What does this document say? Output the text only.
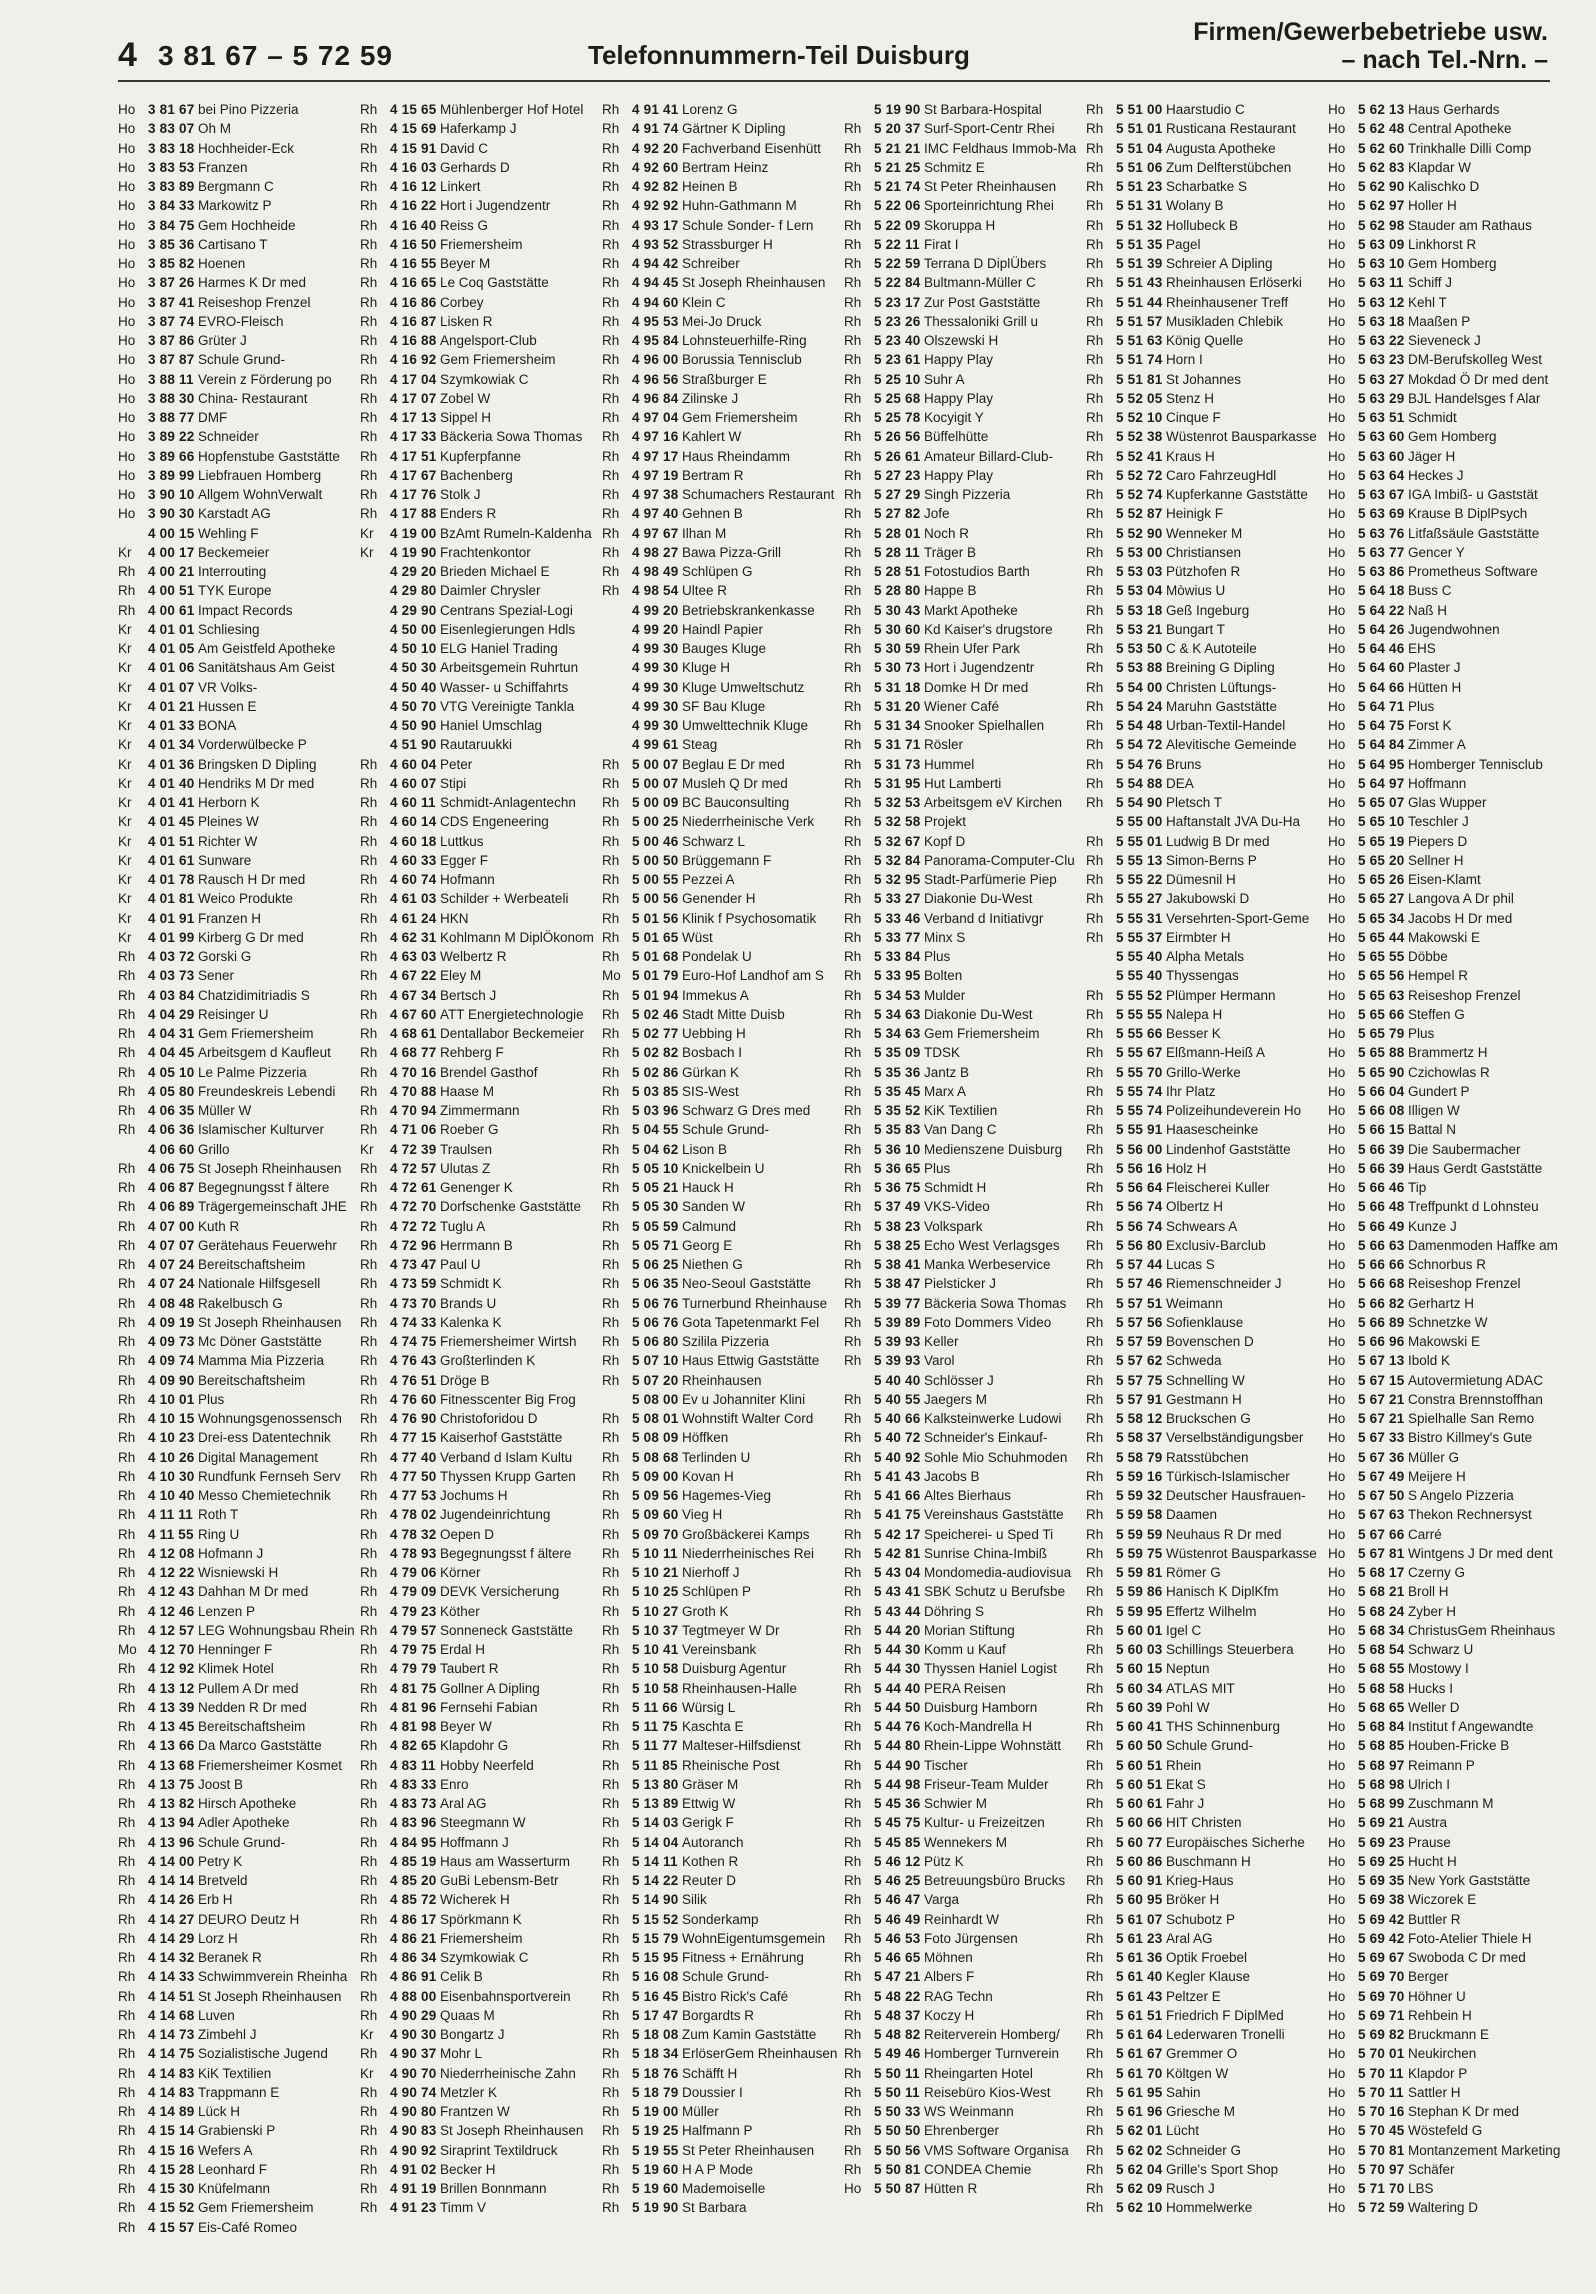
4 3 81 67 – 5 72 59	Telefonnummern-Teil Duisburg
Firmen/Gewerbebetriebe usw.
– nach Tel.-Nrn. –
Ho 3 81 67 bei Pino Pizzeria
Ho 3 83 07 Oh M
Ho 3 83 18 Hochheider-Eck
Ho 3 83 53 Franzen
Ho 3 83 89 Bergmann C
Ho 3 84 33 Markowitz P
Ho 3 84 75 Gem Hochheide
Ho 3 85 36 Cartisano T
Ho 3 85 82 Hoenen
Ho 3 87 26 Harmes K Dr med
Ho 3 87 41 Reiseshop Frenzel
Ho 3 87 74 EVRO-Fleisch
Ho 3 87 86 Grüter J
Ho 3 87 87 Schule Grund-
Ho 3 88 11 Verein z Förderung po
Ho 3 88 30 China- Restaurant
Ho 3 88 77 DMF
Ho 3 89 22 Schneider
Ho 3 89 66 Hopfenstube Gaststätte
Ho 3 89 99 Liebfrauen Homberg
Ho 3 90 10 Allgem WohnVerwalt
Ho 3 90 30 Karstadt AG
4 00 15 Wehling F
Kr	4 00 17 Beckemeier
Rh 4 00 21 Interrouting
Rh 4 00 51 TYK Europe
Rh 4 00 61 Impact Records
Kr	4 01 01 Schliesing
Kr	4 01 05 Am Geistfeld Apotheke
Kr	4 01 06 Sanitätshaus Am Geist
Kr	4 01 07 VR Volks-
Kr	4 01 21 Hussen E
Kr	4 01 33 BONA
Kr	4 01 34 Vorderwülbecke P
Kr	4 01 36 Bringsken D Dipling
Kr	4 01 40 Hendriks M Dr med
Kr	4 01 41 Herborn K
Kr	4 01 45 Pleines W
Kr	4 01 51 Richter W
Kr	4 01 61 Sunware
Kr	4 01 78 Rausch H Dr med
Kr	4 01 81 Weico Produkte
Kr	4 01 91 Franzen H
Kr	4 01 99 Kirberg G Dr med
Rh 4 03 72 Gorski G
Rh 4 03 73 Sener
Rh 4 03 84 Chatzidimitriadis S
Rh 4 04 29 Reisinger U
Rh 4 04 31 Gem Friemersheim
Rh 4 04 45 Arbeitsgem d Kaufleut
Rh 4 05 10 Le Palme Pizzeria
Rh 4 05 80 Freundeskreis Lebendi
Rh 4 06 35 Müller W
Rh 4 06 36 Islamischer Kulturver
4 06 60 Grillo
Rh 4 06 75 St Joseph Rheinhausen
Rh 4 06 87 Begegnungsst f ältere
Rh 4 06 89 Trägergemeinschaft JHE
Rh 4 07 00 Kuth R
Rh 4 07 07 Gerätehaus Feuerwehr
Rh 4 07 24 Bereitschaftsheim
Rh 4 07 24 Nationale Hilfsgesell
Rh 4 08 48 Rakelbusch G
Rh 4 09 19 St Joseph Rheinhausen
Rh 4 09 73 Mc Döner Gaststätte
Rh 4 09 74 Mamma Mia Pizzeria
Rh 4 09 90 Bereitschaftsheim
Rh 4 10 01 Plus
Rh 4 10 15 Wohnungsgenossensch
Rh 4 10 23 Drei-ess Datentechnik
Rh 4 10 26 Digital Management
Rh 4 10 30 Rundfunk Fernseh Serv
Rh 4 10 40 Messo Chemietechnik
Rh 4 11 11 Roth T
Rh 4 11 55 Ring U
Rh 4 12 08 Hofmann J
Rh 4 12 22 Wisniewski H
Rh 4 12 43 Dahhan M Dr med
Rh 4 12 46 Lenzen P
Rh 4 12 57 LEG Wohnungsbau Rhein
Mo 4 12 70 Henninger F
Rh 4 12 92 Klimek Hotel
Rh 4 13 12 Pullem A Dr med
Rh 4 13 39 Nedden R Dr med
Rh 4 13 45 Bereitschaftsheim
Rh 4 13 66 Da Marco Gaststätte
Rh 4 13 68 Friemersheimer Kosmet
Rh 4 13 75 Joost B
Rh 4 13 82 Hirsch Apotheke
Rh 4 13 94 Adler Apotheke
Rh 4 13 96 Schule Grund-
Rh 4 14 00 Petry K
Rh 4 14 14 Bretveld
Rh 4 14 26 Erb H
Rh 4 14 27 DEURO Deutz H
Rh 4 14 29 Lorz H
Rh 4 14 32 Beranek R
Rh 4 14 33 Schwimmverein Rheinha
Rh 4 14 51 St Joseph Rheinhausen
Rh 4 14 68 Luven
Rh 4 14 73 Zimbehl J
Rh 4 14 75 Sozialistische Jugend
Rh 4 14 83 KiK Textilien
Rh 4 14 83 Trappmann E
Rh 4 14 89 Lück H
Rh 4 15 14 Grabienski P
Rh 4 15 16 Wefers A
Rh 4 15 28 Leonhard F
Rh 4 15 30 Knüfelmann
Rh 4 15 52 Gem Friemersheim
Rh 4 15 57 Eis-Café Romeo
Rh 4 15 65 Mühlenberger Hof Hotel
Rh 4 15 69 Haferkamp J
Rh 4 15 91 David C
Rh 4 16 03 Gerhards D
Rh 4 16 12 Linkert
Rh 4 16 22 Hort i Jugendzentr
Rh 4 16 40 Reiss G
Rh 4 16 50 Friemersheim
Rh 4 16 55 Beyer M
Rh 4 16 65 Le Coq Gaststätte
Rh 4 16 86 Corbey
Rh 4 16 87 Lisken R
Rh 4 16 88 Angelsport-Club
Rh 4 16 92 Gem Friemersheim
Rh 4 17 04 Szymkowiak C
Rh 4 17 07 Zobel W
Rh 4 17 13 Sippel H
Rh 4 17 33 Bäckeria Sowa Thomas
Rh 4 17 51 Kupferpfanne
Rh 4 17 67 Bachenberg
Rh 4 17 76 Stolk J
Rh 4 17 88 Enders R
Kr	4 19 00 BzAmt Rumeln-Kaldenha
Kr	4 19 90 Frachtenkontor
4 29 20 Brieden Michael E
4 29 80 Daimler Chrysler
4 29 90 Centrans Spezial-Logi
4 50 00 Eisenlegierungen Hdls
4 50 10 ELG Haniel Trading
4 50 30 Arbeitsgemein Ruhrtun
4 50 40 Wasser- u Schiffahrts
4 50 70 VTG Vereinigte Tankla
4 50 90 Haniel Umschlag
4 51 90 Rautaruukki
Rh 4 60 04 Peter
Rh 4 60 07 Stipi
Rh 4 60 11 Schmidt-Anlagentechn
Rh 4 60 14 CDS Engeneering
Rh 4 60 18 Luttkus
Rh 4 60 33 Egger F
Rh 4 60 74 Hofmann
Rh 4 61 03 Schilder + Werbeateli
Rh 4 61 24 HKN
Rh 4 62 31 Kohlmann M DiplÖkonom
Rh 4 63 03 Welbertz R
Rh 4 67 22 Eley M
Rh 4 67 34 Bertsch J
Rh 4 67 60 ATT Energietechnologie
Rh 4 68 61 Dentallabor Beckemeier
Rh 4 68 77 Rehberg F
Rh 4 70 16 Brendel Gasthof
Rh 4 70 88 Haase M
Rh 4 70 94 Zimmermann
Rh 4 71 06 Roeber G
Kr	4 72 39 Traulsen
Rh 4 72 57 Ulutas Z
Rh 4 72 61 Genenger K
Rh 4 72 70 Dorfschenke Gaststätte
Rh 4 72 72 Tuglu A
Rh 4 72 96 Herrmann B
Rh 4 73 47 Paul U
Rh 4 73 59 Schmidt K
Rh 4 73 70 Brands U
Rh 4 74 33 Kalenka K
Rh 4 74 75 Friemersheimer Wirtsh
Rh 4 76 43 Großterlinden K
Rh 4 76 51 Dröge B
Rh 4 76 60 Fitnesscenter Big Frog
Rh 4 76 90 Christoforidou D
Rh 4 77 15 Kaiserhof Gaststätte
Rh 4 77 40 Verband d Islam Kultu
Rh 4 77 50 Thyssen Krupp Garten
Rh 4 77 53 Jochums H
Rh 4 78 02 Jugendeinrichtung
Rh 4 78 32 Oepen D
Rh 4 78 93 Begegnungsst f ältere
Rh 4 79 06 Körner
Rh 4 79 09 DEVK Versicherung
Rh 4 79 23 Köther
Rh 4 79 57 Sonneneck Gaststätte
Rh 4 79 75 Erdal H
Rh 4 79 79 Taubert R
Rh 4 81 75 Gollner A Dipling
Rh 4 81 96 Fernsehi Fabian
Rh 4 81 98 Beyer W
Rh 4 82 65 Klapdohr G
Rh 4 83 11 Hobby Neerfeld
Rh 4 83 33 Enro
Rh 4 83 73 Aral AG
Rh 4 83 96 Steegmann W
Rh 4 84 95 Hoffmann J
Rh 4 85 19 Haus am Wasserturm
Rh 4 85 20 GuBi Lebensm-Betr
Rh 4 85 72 Wicherek H
Rh 4 86 17 Spörkmann K
Rh 4 86 21 Friemersheim
Rh 4 86 34 Szymkowiak C
Rh 4 86 91 Celik B
Rh 4 88 00 Eisenbahnsportverein
Rh 4 90 29 Quaas M
Kr	4 90 30 Bongartz J
Rh 4 90 37 Mohr L
Kr	4 90 70 Niederrheinische Zahn
Rh 4 90 74 Metzler K
Rh 4 90 80 Frantzen W
Rh 4 90 83 St Joseph Rheinhausen
Rh 4 90 92 Siraprint Textildruck
Rh 4 91 02 Becker H
Rh 4 91 19 Brillen Bonnmann
Rh 4 91 23 Timm V
Rh 4 91 41 Lorenz G
Rh 4 91 74 Gärtner K Dipling
Rh 4 92 20 Fachverband Eisenhütt
Rh 4 92 60 Bertram Heinz
Rh 4 92 82 Heinen B
Rh 4 92 92 Huhn-Gathmann M
Rh 4 93 17 Schule Sonder- f Lern
Rh 4 93 52 Strassburger H
Rh 4 94 42 Schreiber
Rh 4 94 45 St Joseph Rheinhausen
Rh 4 94 60 Klein C
Rh 4 95 53 Mei-Jo Druck
Rh 4 95 84 Lohnsteuerhilfe-Ring
Rh 4 96 00 Borussia Tennisclub
Rh 4 96 56 Straßburger E
Rh 4 96 84 Zilinske J
Rh 4 97 04 Gem Friemersheim
Rh 4 97 16 Kahlert W
Rh 4 97 17 Haus Rheindamm
Rh 4 97 19 Bertram R
Rh 4 97 38 Schumachers Restaurant
Rh 4 97 40 Gehnen B
Rh 4 97 67 Ilhan M
Rh 4 98 27 Bawa Pizza-Grill
Rh 4 98 49 Schlüpen G
Rh 4 98 54 Ultee R
4 99 20 Betriebskrankenkasse
4 99 20 Haindl Papier
4 99 30 Bauges Kluge
4 99 30 Kluge H
4 99 30 Kluge Umweltschutz
4 99 30 SF Bau Kluge
4 99 30 Umwelttechnik Kluge
4 99 61 Steag
Rh 5 00 07 Beglau E Dr med
Rh 5 00 07 Musleh Q Dr med
Rh 5 00 09 BC Bauconsulting
Rh 5 00 25 Niederrheinische Verk
Rh 5 00 46 Schwarz L
Rh 5 00 50 Brüggemann F
Rh 5 00 55 Pezzei A
Rh 5 00 56 Genender H
Rh 5 01 56 Klinik f Psychosomatik
Rh 5 01 65 Wüst
Rh 5 01 68 Pondelak U
Mo 5 01 79 Euro-Hof Landhof am S
Rh 5 01 94 Immekus A
Rh 5 02 46 Stadt Mitte Duisb
Rh 5 02 77 Uebbing H
Rh 5 02 82 Bosbach I
Rh 5 02 86 Gürkan K
Rh 5 03 85 SIS-West
Rh 5 03 96 Schwarz G Dres med
Rh 5 04 55 Schule Grund-
Rh 5 04 62 Lison B
Rh 5 05 10 Knickelbein U
Rh 5 05 21 Hauck H
Rh 5 05 30 Sanden W
Rh 5 05 59 Calmund
Rh 5 05 71 Georg E
Rh 5 06 25 Niethen G
Rh 5 06 35 Neo-Seoul Gaststätte
Rh 5 06 76 Turnerbund Rheinhause
Rh 5 06 76 Gota Tapetenmarkt Fel
Rh 5 06 80 Szilila Pizzeria
Rh 5 07 10 Haus Ettwig Gaststätte
Rh 5 07 20 Rheinhausen
5 08 00 Ev u Johanniter Klini
Rh 5 08 01 Wohnstift Walter Cord
Rh 5 08 09 Höffken
Rh 5 08 68 Terlinden U
Rh 5 09 00 Kovan H
Rh 5 09 56 Hagemes-Vieg
Rh 5 09 60 Vieg H
Rh 5 09 70 Großbäckerei Kamps
Rh 5 10 11 Niederrheinisches Rei
Rh 5 10 21 Nierhoff J
Rh 5 10 25 Schlüpen P
Rh 5 10 27 Groth K
Rh 5 10 37 Tegtmeyer W Dr
Rh 5 10 41 Vereinsbank
Rh 5 10 58 Duisburg Agentur
Rh 5 10 58 Rheinhausen-Halle
Rh 5 11 66 Würsig L
Rh 5 11 75 Kaschta E
Rh 5 11 77 Malteser-Hilfsdienst
Rh 5 11 85 Rheinische Post
Rh 5 13 80 Gräser M
Rh 5 13 89 Ettwig W
Rh 5 14 03 Gerigk F
Rh 5 14 04 Autoranch
Rh 5 14 11 Kothen R
Rh 5 14 22 Reuter D
Rh 5 14 90 Silik
Rh 5 15 52 Sonderkamp
Rh 5 15 79 WohnEigentumsgemein
Rh 5 15 95 Fitness + Ernährung
Rh 5 16 08 Schule Grund-
Rh 5 16 45 Bistro Rick's Café
Rh 5 17 47 Borgardts R
Rh 5 18 08 Zum Kamin Gaststätte
Rh 5 18 34 ErlöserGem Rheinhausen
Rh 5 18 76 Schäfft H
Rh 5 18 79 Doussier I
Rh 5 19 00 Müller
Rh 5 19 25 Halfmann P
Rh 5 19 55 St Peter Rheinhausen
Rh 5 19 60 H A P Mode
Rh 5 19 60 Mademoiselle
Rh 5 19 90 St Barbara
5 19 90 St Barbara-Hospital
Rh 5 20 37 Surf-Sport-Centr Rhei
Rh 5 21 21 IMC Feldhaus Immob-Ma
Rh 5 21 25 Schmitz E
Rh 5 21 74 St Peter Rheinhausen
Rh 5 22 06 Sporteinrichtung Rhei
Rh 5 22 09 Skoruppa H
Rh 5 22 11 Firat I
Rh 5 22 59 Terrana D DiplÜbers
Rh 5 22 84 Bultmann-Müller C
Rh 5 23 17 Zur Post Gaststätte
Rh 5 23 26 Thessaloniki Grill u
Rh 5 23 40 Olszewski H
Rh 5 23 61 Happy Play
Rh 5 25 10 Suhr A
Rh 5 25 68 Happy Play
Rh 5 25 78 Kocyigit Y
Rh 5 26 56 Büffelhütte
Rh 5 26 61 Amateur Billard-Club-
Rh 5 27 23 Happy Play
Rh 5 27 29 Singh Pizzeria
Rh 5 27 82 Jofe
Rh 5 28 01 Noch R
Rh 5 28 11 Träger B
Rh 5 28 51 Fotostudios Barth
Rh 5 28 80 Happe B
Rh 5 30 43 Markt Apotheke
Rh 5 30 60 Kd Kaiser's drugstore
Rh 5 30 59 Rhein Ufer Park
Rh 5 30 73 Hort i Jugendzentr
Rh 5 31 18 Domke H Dr med
Rh 5 31 20 Wiener Café
Rh 5 31 34 Snooker Spielhallen
Rh 5 31 71 Rösler
Rh 5 31 73 Hummel
Rh 5 31 95 Hut Lamberti
Rh 5 32 53 Arbeitsgem eV Kirchen
Rh 5 32 58 Projekt
Rh 5 32 67 Kopf D
Rh 5 32 84 Panorama-Computer-Clu
Rh 5 32 95 Stadt-Parfümerie Piep
Rh 5 33 27 Diakonie Du-West
Rh 5 33 46 Verband d Initiativgr
Rh 5 33 77 Minx S
Rh 5 33 84 Plus
Rh 5 33 95 Bolten
Rh 5 34 53 Mulder
Rh 5 34 63 Diakonie Du-West
Rh 5 34 63 Gem Friemersheim
Rh 5 35 09 TDSK
Rh 5 35 36 Jantz B
Rh 5 35 45 Marx A
Rh 5 35 52 KiK Textilien
Rh 5 35 83 Van Dang C
Rh 5 36 10 Medienszene Duisburg
Rh 5 36 65 Plus
Rh 5 36 75 Schmidt H
Rh 5 37 49 VKS-Video
Rh 5 38 23 Volkspark
Rh 5 38 25 Echo West Verlagsges
Rh 5 38 41 Manka Werbeservice
Rh 5 38 47 Pielsticker J
Rh 5 39 77 Bäckeria Sowa Thomas
Rh 5 39 89 Foto Dommers Video
Rh 5 39 93 Keller
Rh 5 39 93 Varol
5 40 40 Schlösser J
Rh 5 40 55 Jaegers M
Rh 5 40 66 Kalksteinwerke Ludowi
Rh 5 40 72 Schneider's Einkauf-
Rh 5 40 92 Sohle Mio Schuhmoden
Rh 5 41 43 Jacobs B
Rh 5 41 66 Altes Bierhaus
Rh 5 41 75 Vereinshaus Gaststätte
Rh 5 42 17 Speicherei- u Sped Ti
Rh 5 42 81 Sunrise China-Imbiß
Rh 5 43 04 Mondomedia-audiovisua
Rh 5 43 41 SBK Schutz u Berufsbe
Rh 5 43 44 Döhring S
Rh 5 44 20 Morian Stiftung
Rh 5 44 30 Komm u Kauf
Rh 5 44 30 Thyssen Haniel Logist
Rh 5 44 40 PERA Reisen
Rh 5 44 50 Duisburg Hamborn
Rh 5 44 76 Koch-Mandrella H
Rh 5 44 80 Rhein-Lippe Wohnstätt
Rh 5 44 90 Tischer
Rh 5 44 98 Friseur-Team Mulder
Rh 5 45 36 Schwier M
Rh 5 45 75 Kultur- u Freizeitzen
Rh 5 45 85 Wennekers M
Rh 5 46 12 Pütz K
Rh 5 46 25 Betreuungsbüro Brucks
Rh 5 46 47 Varga
Rh 5 46 49 Reinhardt W
Rh 5 46 53 Foto Jürgensen
Rh 5 46 65 Möhnen
Rh 5 47 21 Albers F
Rh 5 48 22 RAG Techn
Rh 5 48 37 Koczy H
Rh 5 48 82 Reiterverein Homberg/
Rh 5 49 46 Homberger Turnverein
Rh 5 50 11 Rheingarten Hotel
Rh 5 50 11 Reisebüro Kios-West
Rh 5 50 33 WS Weinmann
Rh 5 50 50 Ehrenberger
Rh 5 50 56 VMS Software Organisa
Rh 5 50 81 CONDEA Chemie
Ho 5 50 87 Hütten R
Rh 5 51 00 Haarstudio C
Rh 5 51 01 Rusticana Restaurant
Rh 5 51 04 Augusta Apotheke
Rh 5 51 06 Zum Delfterstübchen
Rh 5 51 23 Scharbatke S
Rh 5 51 31 Wolany B
Rh 5 51 32 Hollubeck B
Rh 5 51 35 Pagel
Rh 5 51 39 Schreier A Dipling
Rh 5 51 43 Rheinhausen Erlöserki
Rh 5 51 44 Rheinhausener Treff
Rh 5 51 57 Musikladen Chlebik
Rh 5 51 63 König Quelle
Rh 5 51 74 Horn I
Rh 5 51 81 St Johannes
Rh 5 52 05 Stenz H
Rh 5 52 10 Cinque F
Rh 5 52 38 Wüstenrot Bausparkasse
Rh 5 52 41 Kraus H
Rh 5 52 72 Caro FahrzeugHdl
Rh 5 52 74 Kupferkanne Gaststätte
Rh 5 52 87 Heinigk F
Rh 5 52 90 Wenneker M
Rh 5 53 00 Christiansen
Rh 5 53 03 Pützhofen R
Rh 5 53 04 Mòwius U
Rh 5 53 18 Geß Ingeburg
Rh 5 53 21 Bungart T
Rh 5 53 50 C & K Autoteile
Rh 5 53 88 Breining G Dipling
Rh 5 54 00 Christen Lüftungs-
Rh 5 54 24 Maruhn Gaststätte
Rh 5 54 48 Urban-Textil-Handel
Rh 5 54 72 Alevitische Gemeinde
Rh 5 54 76 Bruns
Rh 5 54 88 DEA
Rh 5 54 90 Pletsch T
5 55 00 Haftanstalt JVA Du-Ha
Rh 5 55 01 Ludwig B Dr med
Rh 5 55 13 Simon-Berns P
Rh 5 55 22 Dümesnil H
Rh 5 55 27 Jakubowski D
Rh 5 55 31 Versehrten-Sport-Geme
Rh 5 55 37 Eirmbter H
5 55 40 Alpha Metals
5 55 40 Thyssengas
Rh 5 55 52 Plümper Hermann
Rh 5 55 55 Nalepa H
Rh 5 55 66 Besser K
Rh 5 55 67 Elßmann-Heiß A
Rh 5 55 70 Grillo-Werke
Rh 5 55 74 Ihr Platz
Rh 5 55 74 Polizeihundeverein Ho
Rh 5 55 91 Haasescheinke
Rh 5 56 00 Lindenhof Gaststätte
Rh 5 56 16 Holz H
Rh 5 56 64 Fleischerei Kuller
Rh 5 56 74 Olbertz H
Rh 5 56 74 Schwears A
Rh 5 56 80 Exclusiv-Barclub
Rh 5 57 44 Lucas S
Rh 5 57 46 Riemenschneider J
Rh 5 57 51 Weimann
Rh 5 57 56 Sofienklause
Rh 5 57 59 Bovenschen D
Rh 5 57 62 Schweda
Rh 5 57 75 Schnelling W
Rh 5 57 91 Gestmann H
Rh 5 58 12 Bruckschen G
Rh 5 58 37 Verselbständigungsber
Rh 5 58 79 Ratsstübchen
Rh 5 59 16 Türkisch-Islamischer
Rh 5 59 32 Deutscher Hausfrauen-
Rh 5 59 58 Daamen
Rh 5 59 59 Neuhaus R Dr med
Rh 5 59 75 Wüstenrot Bausparkasse
Rh 5 59 81 Römer G
Rh 5 59 86 Hanisch K DiplKfm
Rh 5 59 95 Effertz Wilhelm
Rh 5 60 01 Igel C
Rh 5 60 03 Schillings Steuerbera
Rh 5 60 15 Neptun
Rh 5 60 34 ATLAS MIT
Rh 5 60 39 Pohl W
Rh 5 60 41 THS Schinnenburg
Rh 5 60 50 Schule Grund-
Rh 5 60 51 Rhein
Rh 5 60 51 Ekat S
Rh 5 60 61 Fahr J
Rh 5 60 66 HIT Christen
Rh 5 60 77 Europäisches Sicherhe
Rh 5 60 86 Buschmann H
Rh 5 60 91 Krieg-Haus
Rh 5 60 95 Bröker H
Rh 5 61 07 Schubotz P
Rh 5 61 23 Aral AG
Rh 5 61 36 Optik Froebel
Rh 5 61 40 Kegler Klause
Rh 5 61 43 Peltzer E
Rh 5 61 51 Friedrich F DiplMed
Rh 5 61 64 Lederwaren Tronelli
Rh 5 61 67 Gremmer O
Rh 5 61 70 Költgen W
Rh 5 61 95 Sahin
Rh 5 61 96 Griesche M
Rh 5 62 01 Lücht
Rh 5 62 02 Schneider G
Rh 5 62 04 Grille's Sport Shop
Rh 5 62 09 Rusch J
Rh 5 62 10 Hommelwerke
Ho 5 62 13 Haus Gerhards
Ho 5 62 48 Central Apotheke
Ho 5 62 60 Trinkhalle Dilli Comp
Ho 5 62 83 Klapdar W
Ho 5 62 90 Kalischko D
Ho 5 62 97 Holler H
Ho 5 62 98 Stauder am Rathaus
Ho 5 63 09 Linkhorst R
Ho 5 63 10 Gem Homberg
Ho 5 63 11 Schiff J
Ho 5 63 12 Kehl T
Ho 5 63 18 Maaßen P
Ho 5 63 22 Sieveneck J
Ho 5 63 23 DM-Berufskolleg West
Ho 5 63 27 Mokdad Ö Dr med dent
Ho 5 63 29 BJL Handelsges f Alar
Ho 5 63 51 Schmidt
Ho 5 63 60 Gem Homberg
Ho 5 63 60 Jäger H
Ho 5 63 64 Heckes J
Ho 5 63 67 IGA Imbiß- u Gaststät
Ho 5 63 69 Krause B DiplPsych
Ho 5 63 76 Litfaßsäule Gaststätte
Ho 5 63 77 Gencer Y
Ho 5 63 86 Prometheus Software
Ho 5 64 18 Buss C
Ho 5 64 22 Naß H
Ho 5 64 26 Jugendwohnen
Ho 5 64 46 EHS
Ho 5 64 60 Plaster J
Ho 5 64 66 Hütten H
Ho 5 64 71 Plus
Ho 5 64 75 Forst K
Ho 5 64 84 Zimmer A
Ho 5 64 95 Homberger Tennisclub
Ho 5 64 97 Hoffmann
Ho 5 65 07 Glas Wupper
Ho 5 65 10 Teschler J
Ho 5 65 19 Piepers D
Ho 5 65 20 Sellner H
Ho 5 65 26 Eisen-Klamt
Ho 5 65 27 Langova A Dr phil
Ho 5 65 34 Jacobs H Dr med
Ho 5 65 44 Makowski E
Ho 5 65 55 Döbbe
Ho 5 65 56 Hempel R
Ho 5 65 63 Reiseshop Frenzel
Ho 5 65 66 Steffen G
Ho 5 65 79 Plus
Ho 5 65 88 Brammertz H
Ho 5 65 90 Czichowlas R
Ho 5 66 04 Gundert P
Ho 5 66 08 Illigen W
Ho 5 66 15 Battal N
Ho 5 66 39 Die Saubermacher
Ho 5 66 39 Haus Gerdt Gaststätte
Ho 5 66 46 Tip
Ho 5 66 48 Treffpunkt d Lohnsteu
Ho 5 66 49 Kunze J
Ho 5 66 63 Damenmoden Haffke am
Ho 5 66 66 Schnorbus R
Ho 5 66 68 Reiseshop Frenzel
Ho 5 66 82 Gerhartz H
Ho 5 66 89 Schnetzke W
Ho 5 66 96 Makowski E
Ho 5 67 13 Ibold K
Ho 5 67 15 Autovermietung ADAC
Ho 5 67 21 Constra Brennstoffhan
Ho 5 67 21 Spielhalle San Remo
Ho 5 67 33 Bistro Killmey's Gute
Ho 5 67 36 Müller G
Ho 5 67 49 Meijere H
Ho 5 67 50 S Angelo Pizzeria
Ho 5 67 63 Thekon Rechnersyst
Ho 5 67 66 Carré
Ho 5 67 81 Wintgens J Dr med dent
Ho 5 68 17 Czerny G
Ho 5 68 21 Broll H
Ho 5 68 24 Zyber H
Ho 5 68 34 ChristusGem Rheinhaus
Ho 5 68 54 Schwarz U
Ho 5 68 55 Mostowy I
Ho 5 68 58 Hucks I
Ho 5 68 65 Weller D
Ho 5 68 84 Institut f Angewandte
Ho 5 68 85 Houben-Fricke B
Ho 5 68 97 Reimann P
Ho 5 68 98 Ulrich I
Ho 5 68 99 Zuschmann M
Ho 5 69 21 Austra
Ho 5 69 23 Prause
Ho 5 69 25 Hucht H
Ho 5 69 35 New York Gaststätte
Ho 5 69 38 Wiczorek E
Ho 5 69 42 Buttler R
Ho 5 69 42 Foto-Atelier Thiele H
Ho 5 69 67 Swoboda C Dr med
Ho 5 69 70 Berger
Ho 5 69 70 Höhner U
Ho 5 69 71 Rehbein H
Ho 5 69 82 Bruckmann E
Ho 5 70 01 Neukirchen
Ho 5 70 11 Klapdor P
Ho 5 70 11 Sattler H
Ho 5 70 16 Stephan K Dr med
Ho 5 70 45 Wöstefeld G
Ho 5 70 81 Montanzement Marketing
Ho 5 70 97 Schäfer
Ho 5 71 70 LBS
Ho 5 72 59 Waltering D
